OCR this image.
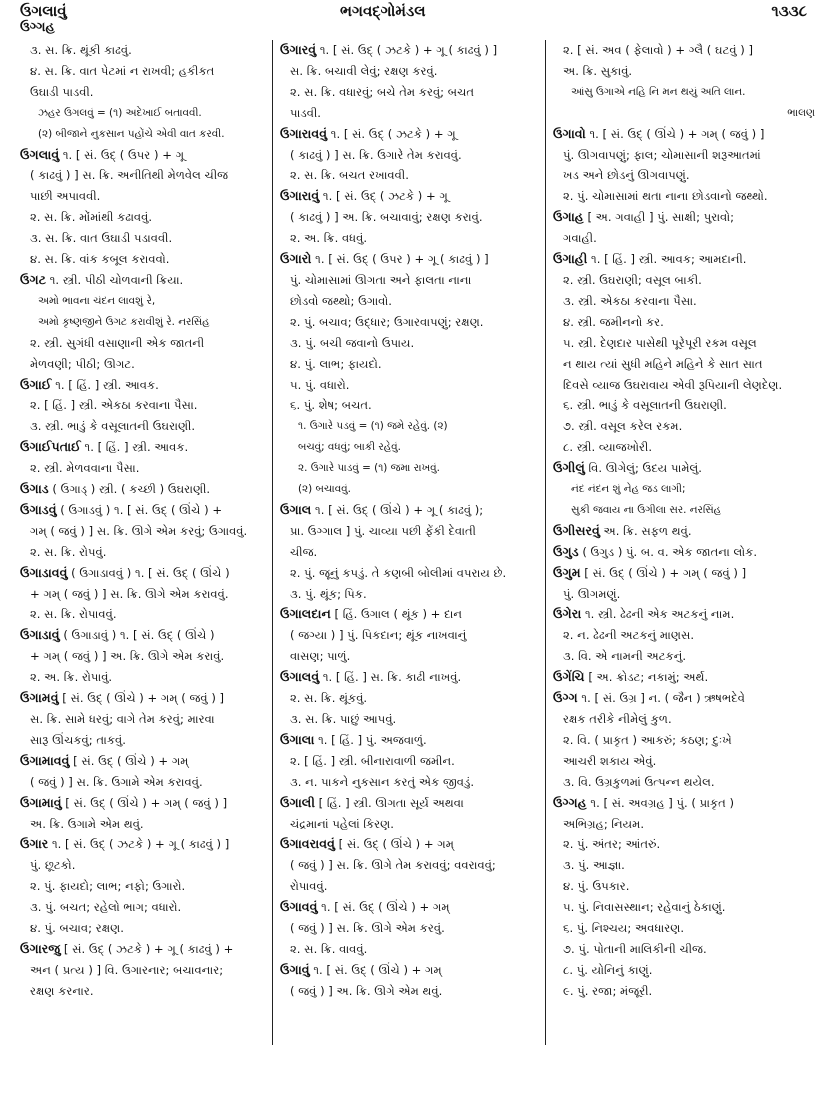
ઉગલાવું	ભગવદ્ગોમંડલ	૧૩૩૮
ઉગ્ગહ
૩. સ. ક્રિ. થૂંકી કાઢવું.
૪. સ. ક્રિ. વાત પેટમાં ન રાખવી; હકીકત
ઉઘાડી પાડવી.
ઝહર ઉગલવું = (૧) અદેખાઈ બતાવવી.
(૨) બીજાને નુકસાન પહોંચે એવી વાત કરવી.
ઉગલાવું ૧. [ સં. ઉદ્ ( ઉપર ) + ગૂ
( કાઢવું ) ] સ. ક્રિ. અનીતિથી મેળવેલ ચીજ
પાછી અપાવવી.
૨. સ. ક્રિ. મોંમાંથી કઢાવવું.
૩. સ. ક્રિ. વાત ઉઘાડી પડાવવી.
૪. સ. ક્રિ. વાંક કબૂલ કરાવવો.
ઉગટ ૧. સ્ત્રી. પીઠી ચોળવાની ક્રિયા.
અમો ભાવના ચંદન લાવશું રે,
અમો કૃષ્ણજીને ઉગટ કરાવીશું રે. નરસિંહ
૨. સ્ત્રી. સુગંધી વસાણાની એક જાતની
મેળવણી; પીઠી; ઊગટ.
ઉગાઈ ૧. [ હિં. ] સ્ત્રી. આવક.
૨. [ હિં. ] સ્ત્રી. એકઠા કરવાના પૈસા.
૩. સ્ત્રી. ભાડું કે વસૂલાતની ઉઘરાણી.
ઉગાઈપતાઈ ૧. [ હિં. ] સ્ત્રી. આવક.
૨. સ્ત્રી. મેળવવાના પૈસા.
ઉગાડ ( ઉગાડ્ ) સ્ત્રી. ( કચ્છી ) ઉઘરાણી.
ઉગાડવું ( ઉગાડવું ) ૧. [ સં. ઉદ્ ( ઊંચે ) +
ગમ્ ( જવું ) ] સ. ક્રિ. ઊગે એમ કરવું; ઉગાવવું.
૨. સ. ક્રિ. રોપવું.
ઉગાડાવવું ( ઉગાડાવવું ) ૧. [ સં. ઉદ્ ( ઊંચે )
+ ગમ્ ( જવું ) ] સ. ક્રિ. ઊગે એમ કરાવવું.
૨. સ. ક્રિ. રોપાવવું.
ઉગાડાવું ( ઉગાડાવું ) ૧. [ સં. ઉદ્ ( ઊંચે )
+ ગમ્ ( જવું ) ] અ. ક્રિ. ઊગે એમ કરાવું.
૨. અ. ક્રિ. રોપાવું.
ઉગામવું [ સં. ઉદ્ ( ઊંચે ) + ગમ્ ( જવું ) ]
સ. ક્રિ. સામે ધરવું; વાગે તેમ કરવું; મારવા
સારૂ ઊંચકવું; તાકવું.
ઉગામાવવું [ સં. ઉદ્ ( ઊંચે ) + ગમ્
( જવું ) ] સ. ક્રિ. ઉગામે એમ કરાવવું.
ઉગામાવું [ સં. ઉદ્ ( ઊંચે ) + ગમ્ ( જવું ) ]
અ. ક્રિ. ઉગામે એમ થવું.
ઉગાર ૧. [ સં. ઉદ્ ( ઝટકે ) + ગૂ ( કાઢવું ) ]
પું. છૂટકો.
૨. પું. ફાયદો; લાભ; નફો; ઉગારો.
૩. પું. બચત; રહેલો ભાગ; વધારો.
૪. પું. બચાવ; રક્ષણ.
ઉગારજુ [ સં. ઉદ્ ( ઝટકે ) + ગૂ ( કાઢવું ) +
અન ( પ્રત્ય ) ] વિ. ઉગારનાર; બચાવનાર;
રક્ષણ કરનાર.
ઉગારવું ૧. [ સં. ઉદ્ ( ઝટકે ) + ગૂ ( કાઢવું ) ]
સ. ક્રિ. બચાવી લેવું; રક્ષણ કરવું.
૨. સ. ક્રિ. વધારવું; બચે તેમ કરવું; બચત
પાડવી.
ઉગારાવવું ૧. [ સં. ઉદ્ ( ઝટકે ) + ગૂ
( કાઢવું ) ] સ. ક્રિ. ઉગારે તેમ કરાવવું.
૨. સ. ક્રિ. બચત રખાવવી.
ઉગારાવું ૧. [ સં. ઉદ્ ( ઝટકે ) + ગૂ
( કાઢવું ) ] અ. ક્રિ. બચાવાવું; રક્ષણ કરાવું.
૨. અ. ક્રિ. વધવું.
ઉગારો ૧. [ સં. ઉદ્ ( ઉપર ) + ગૂ ( કાઢવું ) ]
પું. ચોમાસામાં ઊગતા અને ફાલતા નાના
છોડવો જથ્થો; ઉગાવો.
૨. પું. બચાવ; ઉદ્ધાર; ઉગારવાપણું; રક્ષણ.
૩. પું. બચી જવાનો ઉપાય.
૪. પું. લાભ; ફાયદો.
૫. પું. વધારો.
૬. પું. શેષ; બચત.
૧. ઉગારે પડવું = (૧) જમે રહેવું. (૨)
બચવું; વધવું; બાકી રહેવું.
૨. ઉગારે પાડવું = (૧) જમા રાખવું.
(૨) બચાવવું.
ઉગાલ ૧. [ સં. ઉદ્ ( ઊંચે ) + ગૂ ( કાઢવું );
પ્રા. ઉગ્ગાલ ] પું. ચાવ્યા પછી ફેંકી દેવાતી
ચીજ.
૨. પું. જૂનું કપડું. તે કણબી બોલીમાં વપરાય છે.
૩. પું. થૂંક; પિક.
ઉગાલદાન [ હિં. ઉગાલ ( થૂંક ) + દાન
( જગ્યા ) ] પું. પિકદાન; થૂંક નાખવાનું
વાસણ; પાળું.
ઉગાલવું ૧. [ હિં. ] સ. ક્રિ. કાઢી નાખવું.
૨. સ. ક્રિ. થૂંકવું.
૩. સ. ક્રિ. પાછું આપવું.
ઉગાલા ૧. [ હિં. ] પું. અજવાળું.
૨. [ હિં. ] સ્ત્રી. બીનારાવાળી જમીન.
૩. ન. પાકને નુકસાન કરતું એક જીવડું.
ઉગાલી [ હિં. ] સ્ત્રી. ઊગતા સૂર્ય અથવા
ચંદ્રમાનાં પહેલાં કિરણ.
ઉગાવરાવવું [ સં. ઉદ્ ( ઊંચે ) + ગમ્
( જવું ) ] સ. ક્રિ. ઊગે તેમ કરાવવું; વવરાવવું;
રોપાવવું.
ઉગાવવું ૧. [ સં. ઉદ્ ( ઊંચે ) + ગમ્
( જવું ) ] સ. ક્રિ. ઊગે એમ કરવું.
૨. સ. ક્રિ. વાવવું.
ઉગાવું ૧. [ સં. ઉદ્ ( ઊંચે ) + ગમ્
( જવું ) ] અ. ક્રિ. ઊગે એમ થવું.
૨. [ સં. અવ ( ફેલાવો ) + ગ્લૈ ( ઘટવું ) ]
અ. ક્રિ. સુકાવું.
આંસુ ઉગાએ નહિ નિ મન થયું અતિ લાન.
ભાલણ
ઉગાવો ૧. [ સં. ઉદ્ ( ઊંચે ) + ગમ્ ( જવું ) ]
પું. ઊગવાપણું; ફાલ; ચોમાસાની શરૂઆતમાં
ખડ અને છોડનું ઊગવાપણું.
૨. પું. ચોમાસામાં થતા નાના છોડવાનો જથ્થો.
ઉગાહ [ અ. ગવાહી ] પું. સાક્ષી; પુરાવો;
ગવાહી.
ઉગાહી ૧. [ હિં. ] સ્ત્રી. આવક; આમદાની.
૨. સ્ત્રી. ઉઘરાણી; વસૂલ બાકી.
૩. સ્ત્રી. એકઠા કરવાના પૈસા.
૪. સ્ત્રી. જમીનનો કર.
૫. સ્ત્રી. દેણદાર પાસેથી પૂરેપૂરી રકમ વસૂલ
ન થાય ત્યાં સુધી મહિને મહિને કે સાત સાત
દિવસે વ્યાજ ઉઘરાવાય એવી રૂપિયાની લેણદેણ.
૬. સ્ત્રી. ભાડું કે વસૂલાતની ઉઘરાણી.
૭. સ્ત્રી. વસૂલ કરેલ રકમ.
૮. સ્ત્રી. વ્યાજખોરી.
ઉગીલું વિ. ઊગેલું; ઉદય પામેલું.
નંદ નંદન શું નેહ જડ લાગી;
સુકી જવાય ના ઉગીલા સર. નરસિંહ
ઉગીસરવું અ. ક્રિ. સફળ થવું.
ઉગુડ ( ઉગુડ ) પું. બ. વ. એક જાતના લોક.
ઉગુમ [ સં. ઉદ્ ( ઊંચે ) + ગમ્ ( જવું ) ]
પું. ઊગમણું.
ઉગેરા ૧. સ્ત્રી. ઢેઢની એક અટકનું નામ.
૨. ન. ઢેઢની અટકનું માણસ.
૩. વિ. એ નામની અટકનું.
ઉગેંચિ [ અ. ક્રોડટ; નકામું; અર્થ.
ઉગ્ગ ૧. [ સં. ઉગ્ર ] ન. ( જૈન ) ઋષભદેવે
રક્ષક તરીકે નીમેલું કુળ.
૨. વિ. ( પ્રાકૃત ) આકરું; કઠણ; દુઃખે
આચરી શકાય એવું.
૩. વિ. ઉગ્રકુળમાં ઉત્પન્ન થયેલ.
ઉગ્ગહ ૧. [ સં. અવગ્રહ ] પું. ( પ્રાકૃત )
અભિગ્રહ; નિયમ.
૨. પું. અંતર; આંતરું.
૩. પું. આજ્ઞા.
૪. પું. ઉપકાર.
૫. પું. નિવાસસ્થાન; રહેવાનું ઠેકાણું.
૬. પું. નિશ્ચય; અવધારણ.
૭. પું. પોતાની માલિકીની ચીજ.
૮. પું. યોનિનું કાણું.
૯. પું. રજા; મંજૂરી.
